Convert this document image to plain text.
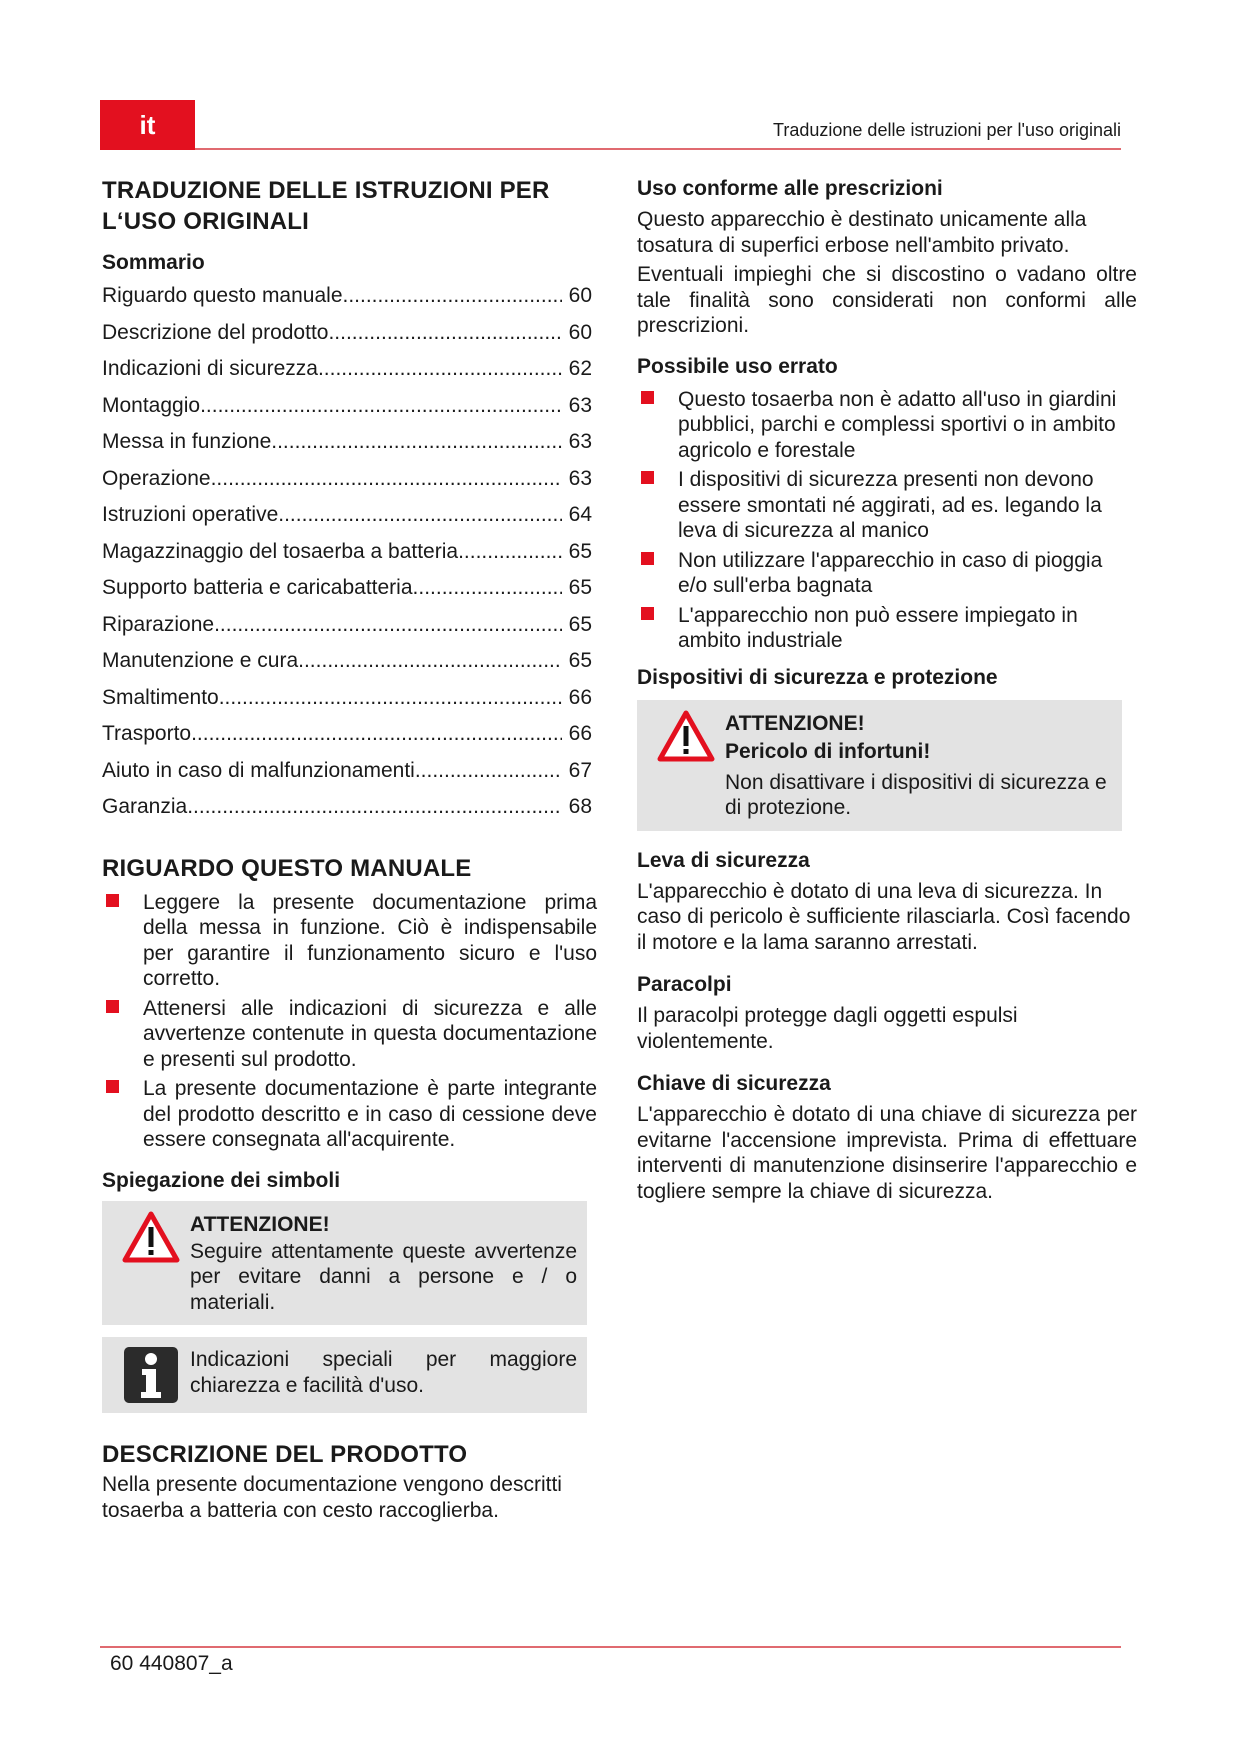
it	Traduzione delle istruzioni per l'uso originali
TRADUZIONE DELLE ISTRUZIONI PER L‘USO ORIGINALI
Sommario
Riguardo questo manuale .....	60
Descrizione del prodotto .....	60
Indicazioni di sicurezza .....	62
Montaggio .....	63
Messa in funzione .....	63
Operazione .....	63
Istruzioni operative .....	64
Magazzinaggio del tosaerba a batteria .....	65
Supporto batteria e caricabatteria .....	65
Riparazione .....	65
Manutenzione e cura .....	65
Smaltimento .....	66
Trasporto .....	66
Aiuto in caso di malfunzionamenti .....	67
Garanzia .....	68
RIGUARDO QUESTO MANUALE
Leggere la presente documentazione prima della messa in funzione. Ciò è indispensabile per garantire il funzionamento sicuro e l'uso corretto.
Attenersi alle indicazioni di sicurezza e alle avvertenze contenute in questa documentazione e presenti sul prodotto.
La presente documentazione è parte integrante del prodotto descritto e in caso di cessione deve essere consegnata all'acquirente.
Spiegazione dei simboli
ATTENZIONE!

Seguire attentamente queste avvertenze per evitare danni a persone e / o materiali.

Indicazioni speciali per maggiore chiarezza e facilità d'uso.

DESCRIZIONE DEL PRODOTTO

Nella presente documentazione vengono descritti tosaerba a batteria con cesto raccoglierba.

Uso conforme alle prescrizioni

Questo apparecchio è destinato unicamente alla tosatura di superfici erbose nell'ambito privato.

Eventuali impieghi che si discostino o vadano oltre tale finalità sono considerati non conformi alle prescrizioni.

Possibile uso errato
Questo tosaerba non è adatto all'uso in giardini pubblici, parchi e complessi sportivi o in ambito agricolo e forestale
I dispositivi di sicurezza presenti non devono essere smontati né aggirati, ad es. legando la leva di sicurezza al manico
Non utilizzare l'apparecchio in caso di pioggia e/o sull'erba bagnata
L'apparecchio non può essere impiegato in ambito industriale
Dispositivi di sicurezza e protezione
ATTENZIONE!
Pericolo di infortuni!

Non disattivare i dispositivi di sicurezza e di protezione.

Leva di sicurezza

L'apparecchio è dotato di una leva di sicurezza. In caso di pericolo è sufficiente rilasciarla. Così facendo il motore e la lama saranno arrestati.

Paracolpi

Il paracolpi protegge dagli oggetti espulsi violentemente.

Chiave di sicurezza

L'apparecchio è dotato di una chiave di sicurezza per evitarne l'accensione imprevista. Prima di effettuare interventi di manutenzione disinserire l'apparecchio e togliere sempre la chiave di sicurezza.

60 440807_a
